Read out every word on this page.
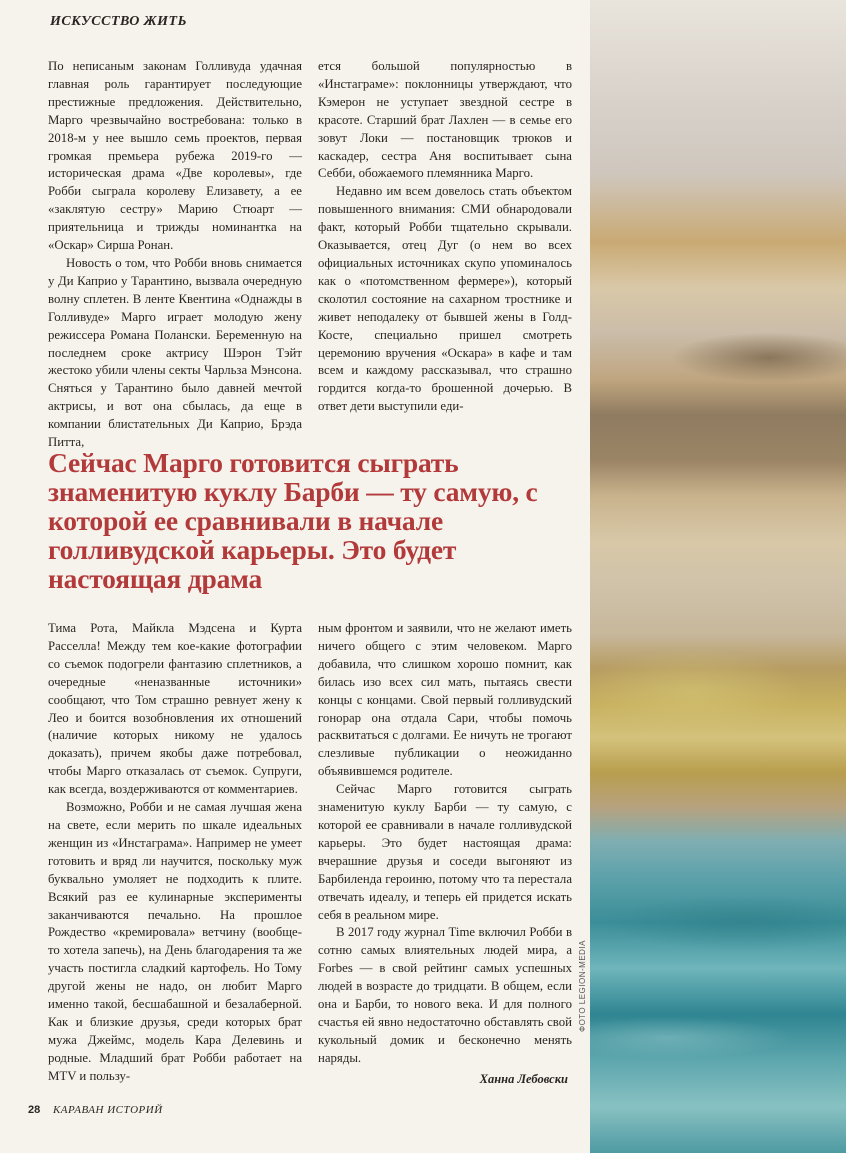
ИСКУССТВО ЖИТЬ

По неписаным законам Голливуда удачная главная роль гарантирует последующие престижные предложения. Действительно, Марго чрезвычайно востребована: только в 2018-м у нее вышло семь проектов, первая громкая премьера рубежа 2019-го — историческая драма «Две королевы», где Робби сыграла королеву Елизавету, а ее «заклятую сестру» Марию Стюарт — приятельница и трижды номинантка на «Оскар» Сирша Ронан.

Новость о том, что Робби вновь снимается у Ди Каприо у Тарантино, вызвала очередную волну сплетен. В ленте Квентина «Однажды в Голливуде» Марго играет молодую жену режиссера Романа Полански. Беременную на последнем сроке актрису Шэрон Тэйт жестоко убили члены секты Чарльза Мэнсона. Сняться у Тарантино было давней мечтой актрисы, и вот она сбылась, да еще в компании блистательных Ди Каприо, Брэда Питта,

ется большой популярностью в «Инстаграме»: поклонницы утверждают, что Кэмерон не уступает звездной сестре в красоте. Старший брат Лахлен — в семье его зовут Локи — постановщик трюков и каскадер, сестра Аня воспитывает сына Себби, обожаемого племянника Марго.

Недавно им всем довелось стать объектом повышенного внимания: СМИ обнародовали факт, который Робби тщательно скрывали. Оказывается, отец Дуг (о нем во всех официальных источниках скупо упоминалось как о «потомственном фермере»), который сколотил состояние на сахарном тростнике и живет неподалеку от бывшей жены в Голд-Косте, специально пришел смотреть церемонию вручения «Оскара» в кафе и там всем и каждому рассказывал, что страшно гордится когда-то брошенной дочерью. В ответ дети выступили еди-

Сейчас Марго готовится сыграть знаменитую куклу Барби — ту самую, с которой ее сравнивали в начале голливудской карьеры. Это будет настоящая драма

Тима Рота, Майкла Мэдсена и Курта Расселла! Между тем кое-какие фотографии со съемок подогрели фантазию сплетников, а очередные «неназванные источники» сообщают, что Том страшно ревнует жену к Лео и боится возобновления их отношений (наличие которых никому не удалось доказать), причем якобы даже потребовал, чтобы Марго отказалась от съемок. Супруги, как всегда, воздерживаются от комментариев.

Возможно, Робби и не самая лучшая жена на свете, если мерить по шкале идеальных женщин из «Инстаграма». Например не умеет готовить и вряд ли научится, поскольку муж буквально умоляет не подходить к плите. Всякий раз ее кулинарные эксперименты заканчиваются печально. На прошлое Рождество «кремировала» ветчину (вообще-то хотела запечь), на День благодарения та же участь постигла сладкий картофель. Но Тому другой жены не надо, он любит Марго именно такой, бесшабашной и безалаберной. Как и близкие друзья, среди которых брат мужа Джеймс, модель Кара Делевинь и родные. Младший брат Робби работает на MTV и пользу-

ным фронтом и заявили, что не желают иметь ничего общего с этим человеком. Марго добавила, что слишком хорошо помнит, как билась изо всех сил мать, пытаясь свести концы с концами. Свой первый голливудский гонорар она отдала Сари, чтобы помочь расквитаться с долгами. Ее ничуть не трогают слезливые публикации о неожиданно объявившемся родителе.

Сейчас Марго готовится сыграть знаменитую куклу Барби — ту самую, с которой ее сравнивали в начале голливудской карьеры. Это будет настоящая драма: вчерашние друзья и соседи выгоняют из Барбиленда героиню, потому что та перестала отвечать идеалу, и теперь ей придется искать себя в реальном мире.

В 2017 году журнал Time включил Робби в сотню самых влиятельных людей мира, а Forbes — в свой рейтинг самых успешных людей в возрасте до тридцати. В общем, если она и Барби, то нового века. И для полного счастья ей явно недостаточно обставлять свой кукольный домик и бесконечно менять наряды.

Ханна Лебовски
28 КАРАВАН ИСТОРИЙ
ФОТО LEGION-MEDIA
